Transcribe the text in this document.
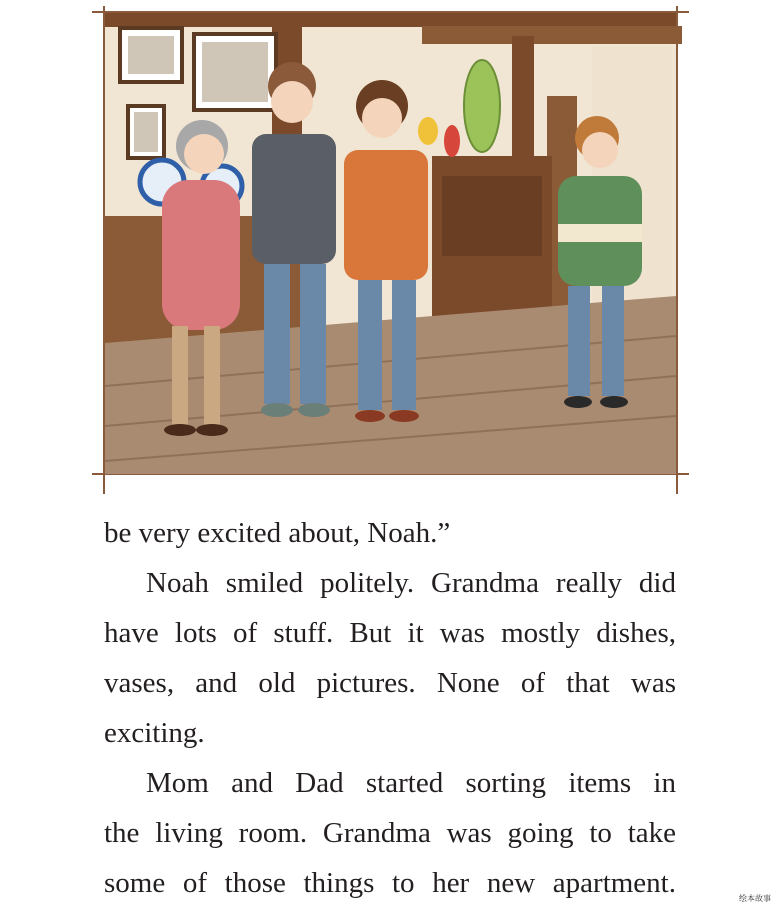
be very excited about, Noah.”

Noah smiled politely. Grandma really did

have lots of stuff. But it was mostly dishes,

vases, and old pictures. None of that was

exciting.

Mom and Dad started sorting items in

the living room. Grandma was going to take

some of those things to her new apartment.	绘本故事
